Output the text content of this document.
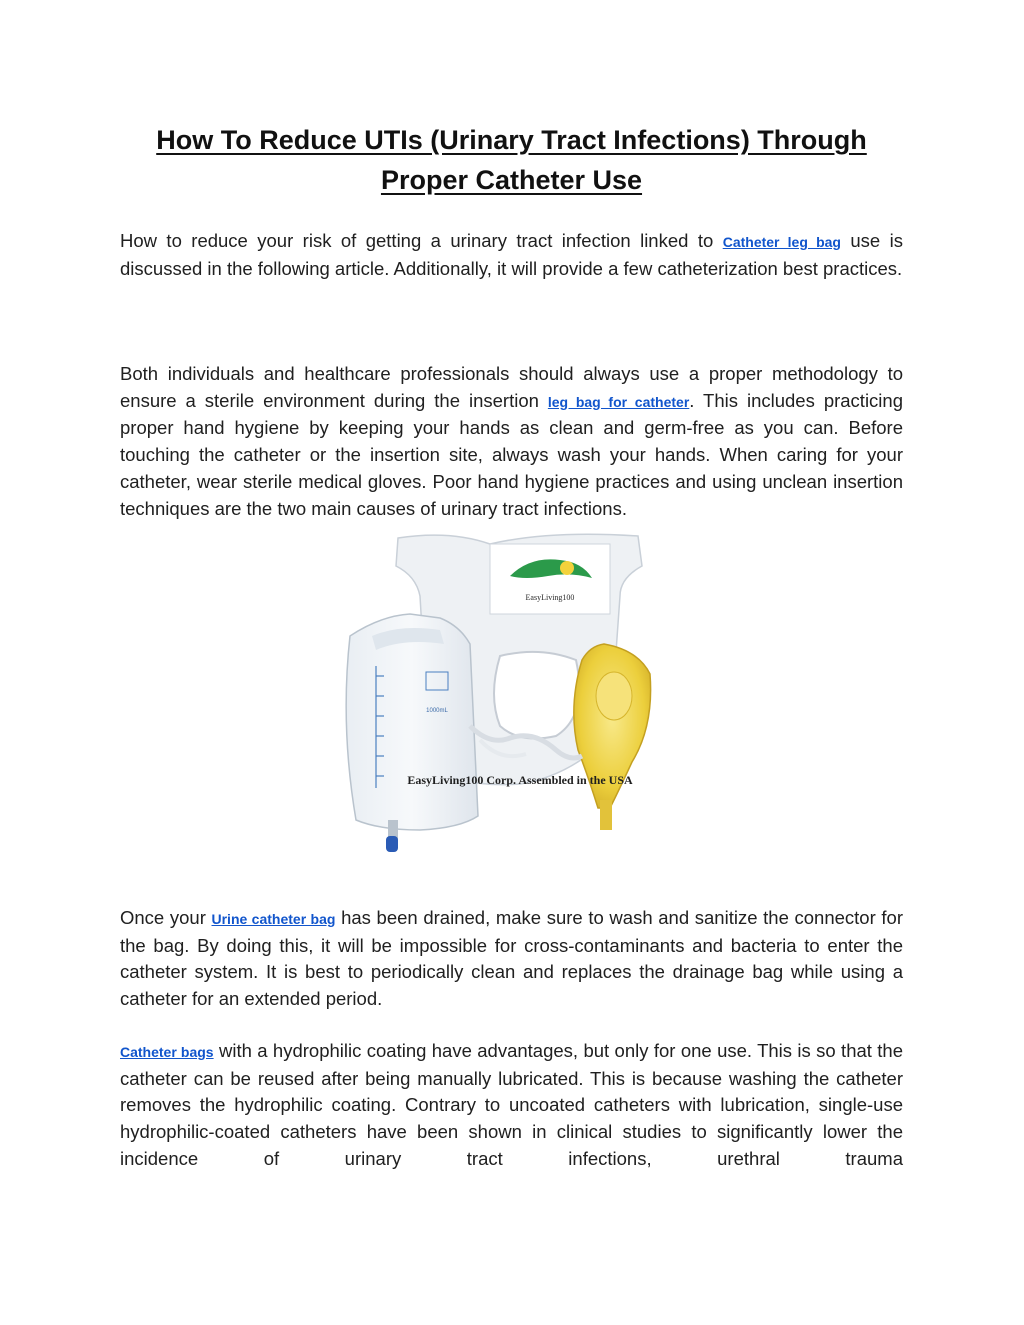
How To Reduce UTIs (Urinary Tract Infections) Through Proper Catheter Use

How to reduce your risk of getting a urinary tract infection linked to Catheter leg bag use is discussed in the following article. Additionally, it will provide a few catheterization best practices.

Both individuals and healthcare professionals should always use a proper methodology to ensure a sterile environment during the insertion leg bag for catheter. This includes practicing proper hand hygiene by keeping your hands as clean and germ-free as you can. Before touching the catheter or the insertion site, always wash your hands. When caring for your catheter, wear sterile medical gloves. Poor hand hygiene practices and using unclean insertion techniques are the two main causes of urinary tract infections.

EasyLiving100
1000mL
EasyLiving100 Corp. Assembled in the USA

Once your Urine catheter bag has been drained, make sure to wash and sanitize the connector for the bag. By doing this, it will be impossible for cross-contaminants and bacteria to enter the catheter system. It is best to periodically clean and replaces the drainage bag while using a catheter for an extended period.

Catheter bags with a hydrophilic coating have advantages, but only for one use. This is so that the catheter can be reused after being manually lubricated. This is because washing the catheter removes the hydrophilic coating. Contrary to uncoated catheters with lubrication, single-use hydrophilic-coated catheters have been shown in clinical studies to significantly lower the incidence of urinary tract infections, urethral trauma
